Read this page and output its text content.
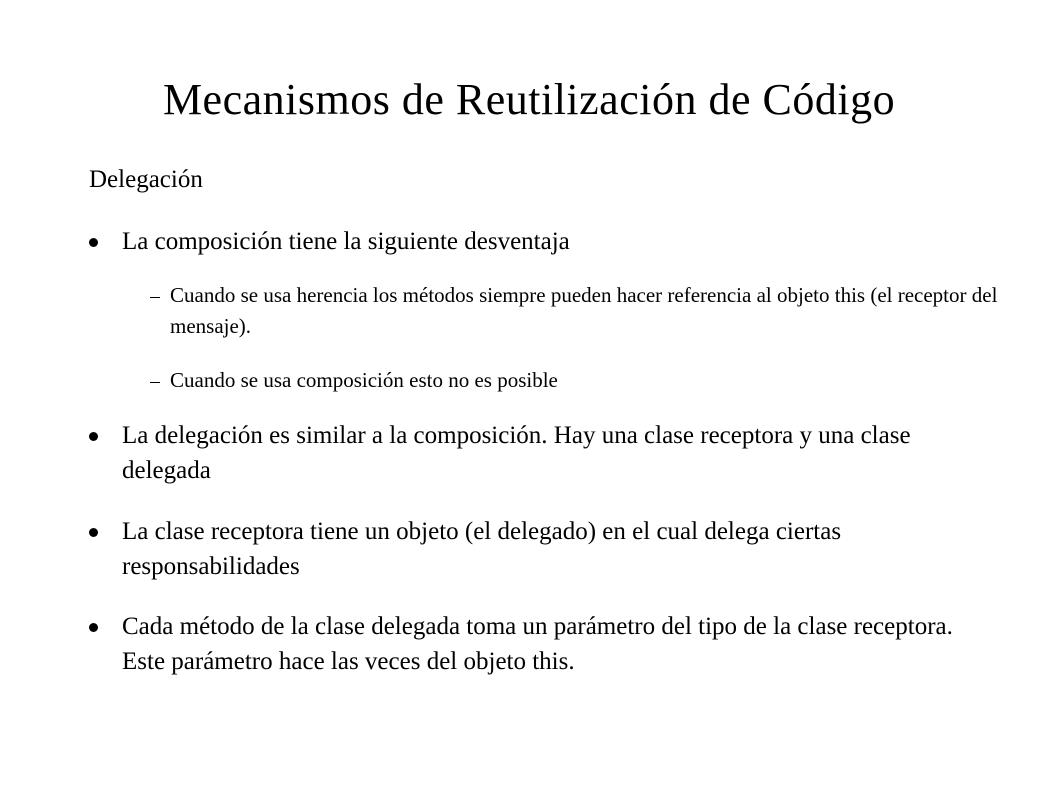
Mecanismos de Reutilización de Código
Delegación
La composición tiene la siguiente desventaja
Cuando se usa herencia los métodos siempre pueden hacer referencia al objeto this (el receptor del mensaje).
Cuando se usa composición esto no es posible
La delegación es similar a la composición. Hay una clase receptora y una clase delegada
La clase receptora tiene un objeto (el delegado) en el cual delega ciertas responsabilidades
Cada método de la clase delegada toma un parámetro del tipo de la clase receptora. Este parámetro hace las veces del objeto this.
